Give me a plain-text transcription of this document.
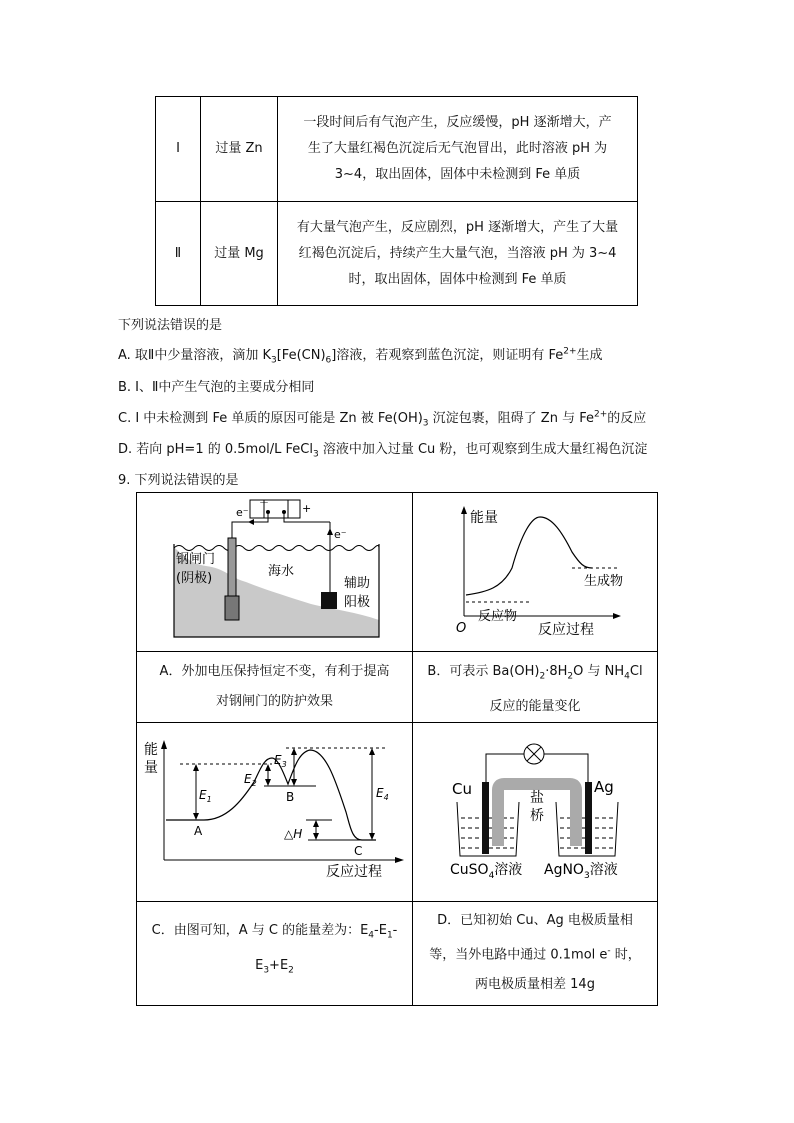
Ⅰ	过量 Zn	一段时间后有气泡产生，反应缓慢，pH 逐渐增大，产
生了大量红褐色沉淀后无气泡冒出，此时溶液 pH 为
3~4，取出固体，固体中未检测到 Fe 单质

Ⅱ	过量 Mg	有大量气泡产生，反应剧烈，pH 逐渐增大，产生了大量
红褐色沉淀后，持续产生大量气泡，当溶液 pH 为 3~4
时，取出固体，固体中检测到 Fe 单质
下列说法错误的是
A. 取Ⅱ中少量溶液，滴加 $K_3[Fe(CN)_6]$溶液，若观察到蓝色沉淀，则证明有 $Fe^{2+}$生成
B. Ⅰ、Ⅱ中产生气泡的主要成分相同
C. I 中未检测到 Fe 单质的原因可能是 Zn 被 $Fe(OH)_3$ 沉淀包裹，阻碍了 Zn 与 $Fe^{2+}$的反应
D. 若向 pH=1 的 0.5mol/L FeCl$_3$ 溶液中加入过量 Cu 粉，也可观察到生成大量红褐色沉淀
9. 下列说法错误的是
－	+
e⁻
e⁻
钢闸门
(阴极)	海水
辅助
阳极
能量
O	反应过程
反应物
生成物
A．外加电压保持恒定不变，有利于提高
对钢闸门的防护效果
B．可表示 $Ba(OH)_2\cdot 8H_2O$ 与 $NH_4Cl$
反应的能量变化
能
量
反应过程
A
B
C
$E_1$
$E_2$
$E_3$
$E_4$
△H
Cu	Ag
盐
桥
CuSO$_4$溶液 AgNO$_3$溶液
C．由图可知，A 与 C 的能量差为：$E_4-E_1-$
$E_3+E_2$
D．已知初始 Cu、Ag 电极质量相
等，当外电路中通过 0.1mol e- 时，
两电极质量相差 14g
